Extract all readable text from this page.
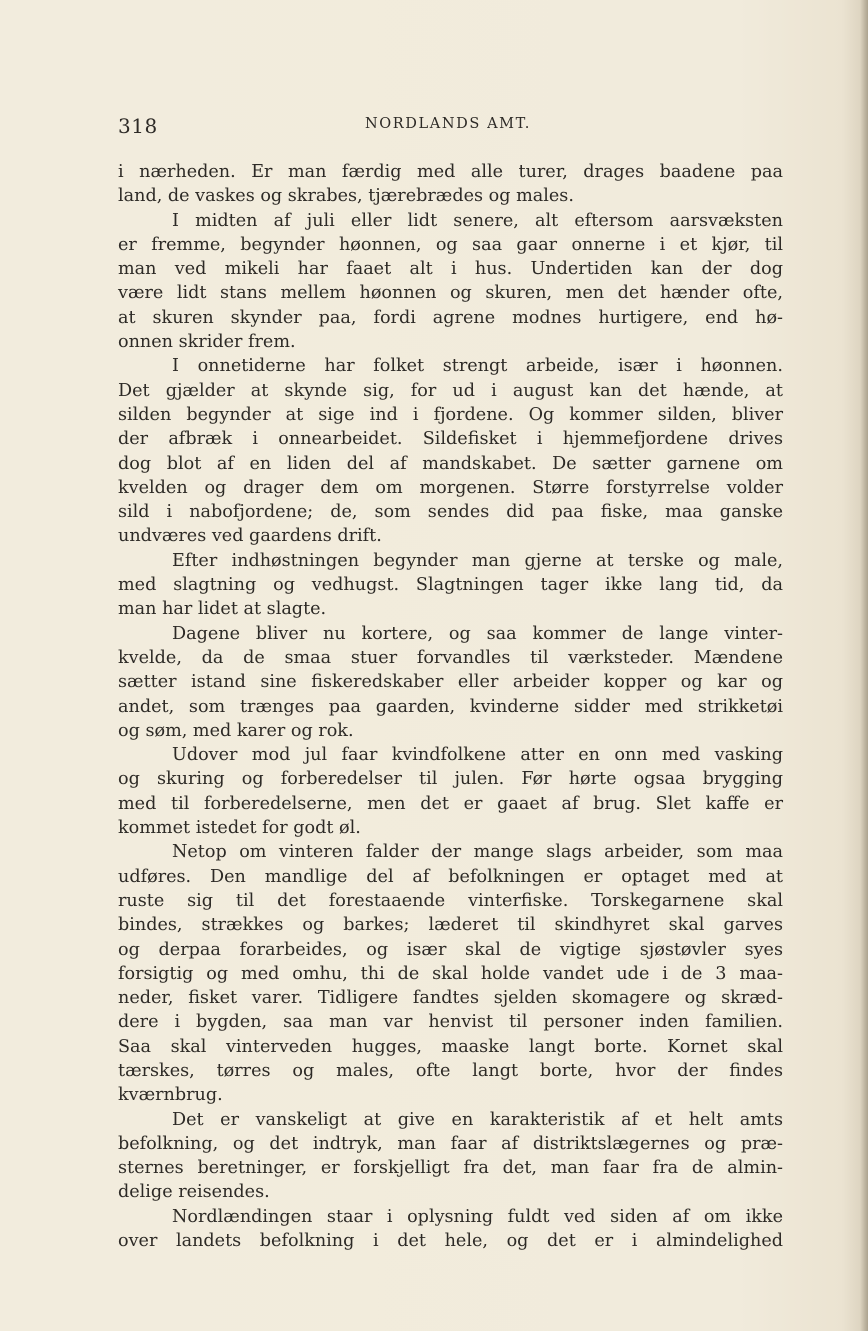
318	NORDLANDS AMT.
i nærheden. Er man færdig med alle turer, drages baadene paa
land, de vaskes og skrabes, tjærebrædes og males.
I midten af juli eller lidt senere, alt eftersom aarsvæksten
er fremme, begynder høonnen, og saa gaar onnerne i et kjør, til
man ved mikeli har faaet alt i hus. Undertiden kan der dog
være lidt stans mellem høonnen og skuren, men det hænder ofte,
at skuren skynder paa, fordi agrene modnes hurtigere, end hø-
onnen skrider frem.
I onnetiderne har folket strengt arbeide, især i høonnen.
Det gjælder at skynde sig, for ud i august kan det hænde, at
silden begynder at sige ind i fjordene. Og kommer silden, bliver
der afbræk i onnearbeidet. Sildefisket i hjemmefjordene drives
dog blot af en liden del af mandskabet. De sætter garnene om
kvelden og drager dem om morgenen. Større forstyrrelse volder
sild i nabofjordene; de, som sendes did paa fiske, maa ganske
undværes ved gaardens drift.
Efter indhøstningen begynder man gjerne at terske og male,
med slagtning og vedhugst. Slagtningen tager ikke lang tid, da
man har lidet at slagte.
Dagene bliver nu kortere, og saa kommer de lange vinter-
kvelde, da de smaa stuer forvandles til værksteder. Mændene
sætter istand sine fiskeredskaber eller arbeider kopper og kar og
andet, som trænges paa gaarden, kvinderne sidder med strikketøi
og søm, med karer og rok.
Udover mod jul faar kvindfolkene atter en onn med vasking
og skuring og forberedelser til julen. Før hørte ogsaa brygging
med til forberedelserne, men det er gaaet af brug. Slet kaffe er
kommet istedet for godt øl.
Netop om vinteren falder der mange slags arbeider, som maa
udføres. Den mandlige del af befolkningen er optaget med at
ruste sig til det forestaaende vinterfiske. Torskegarnene skal
bindes, strækkes og barkes; læderet til skindhyret skal garves
og derpaa forarbeides, og især skal de vigtige sjøstøvler syes
forsigtig og med omhu, thi de skal holde vandet ude i de 3 maa-
neder, fisket varer. Tidligere fandtes sjelden skomagere og skræd-
dere i bygden, saa man var henvist til personer inden familien.
Saa skal vinterveden hugges, maaske langt borte. Kornet skal
tærskes, tørres og males, ofte langt borte, hvor der findes
kværnbrug.
Det er vanskeligt at give en karakteristik af et helt amts
befolkning, og det indtryk, man faar af distriktslægernes og præ-
sternes beretninger, er forskjelligt fra det, man faar fra de almin-
delige reisendes.
Nordlændingen staar i oplysning fuldt ved siden af om ikke
over landets befolkning i det hele, og det er i almindelighed
